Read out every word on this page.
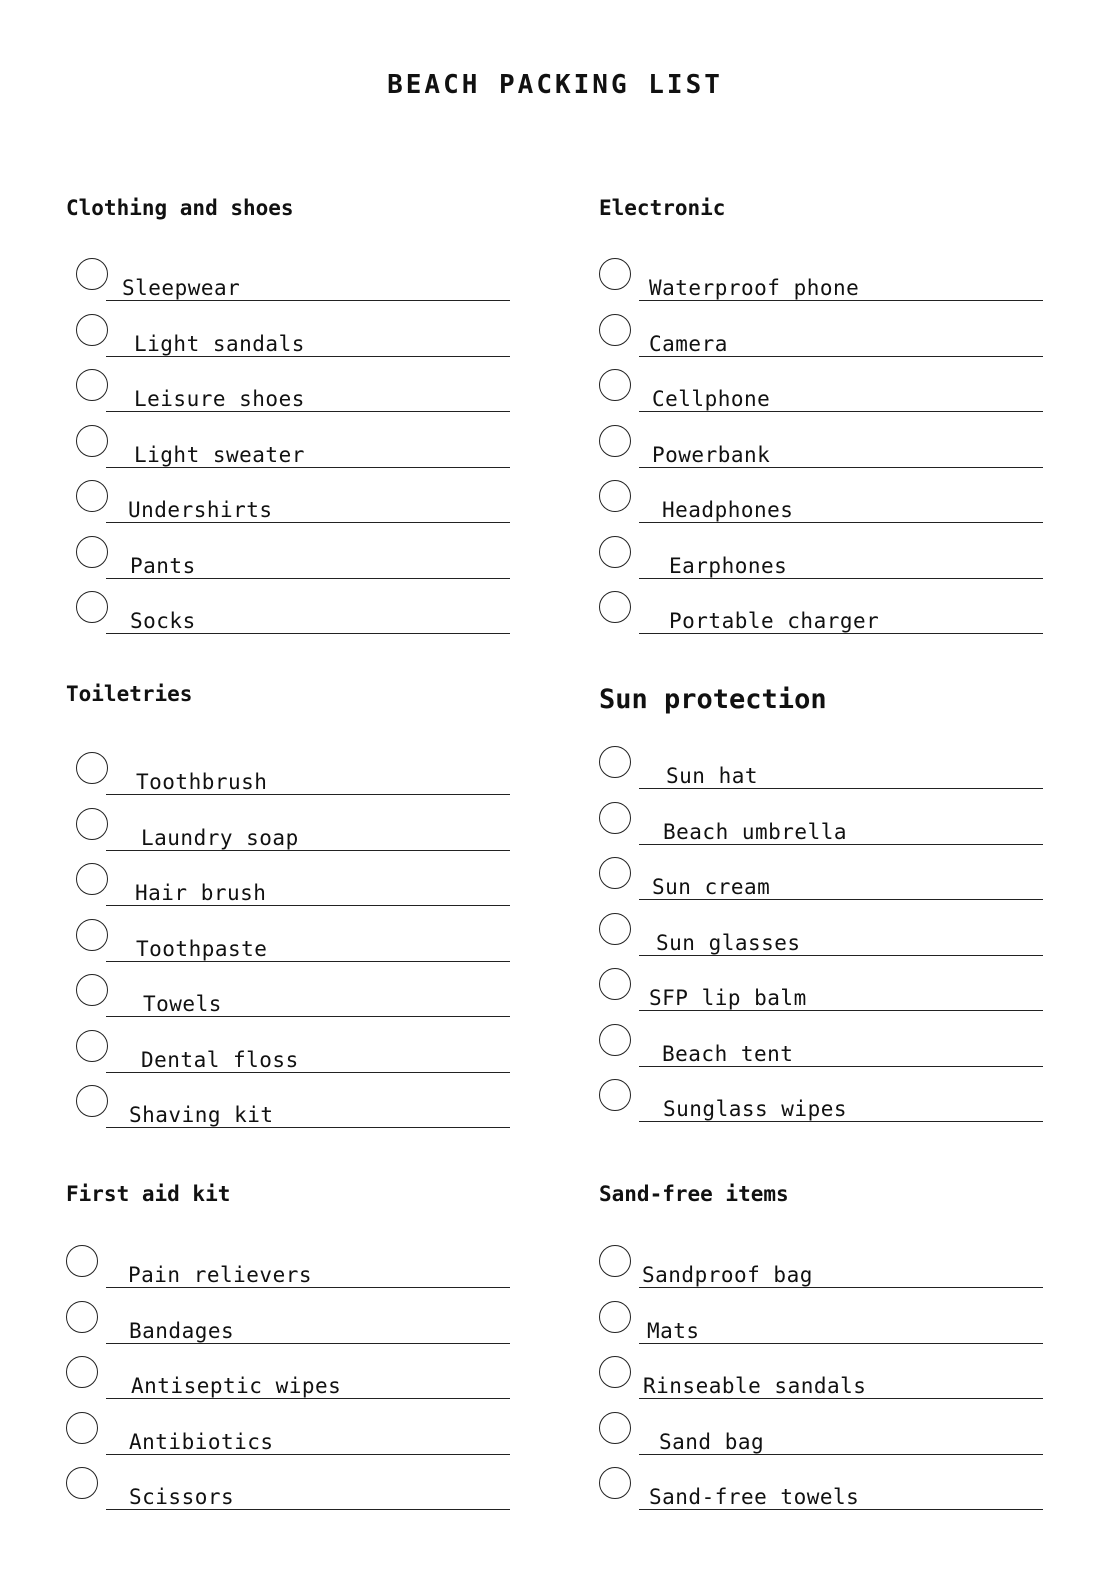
BEACH PACKING LIST
Clothing and shoes
Sleepwear
Light sandals
Leisure shoes
Light sweater
Undershirts
Pants
Socks
Electronic
Waterproof phone
Camera
Cellphone
Powerbank
Headphones
Earphones
Portable charger
Toiletries
Toothbrush
Laundry soap
Hair brush
Toothpaste
Towels
Dental floss
Shaving kit
Sun protection
Sun hat
Beach umbrella
Sun cream
Sun glasses
SFP lip balm
Beach tent
Sunglass wipes
First aid kit
Pain relievers
Bandages
Antiseptic wipes
Antibiotics
Scissors
Sand-free items
Sandproof bag
Mats
Rinseable sandals
Sand bag
Sand-free towels
